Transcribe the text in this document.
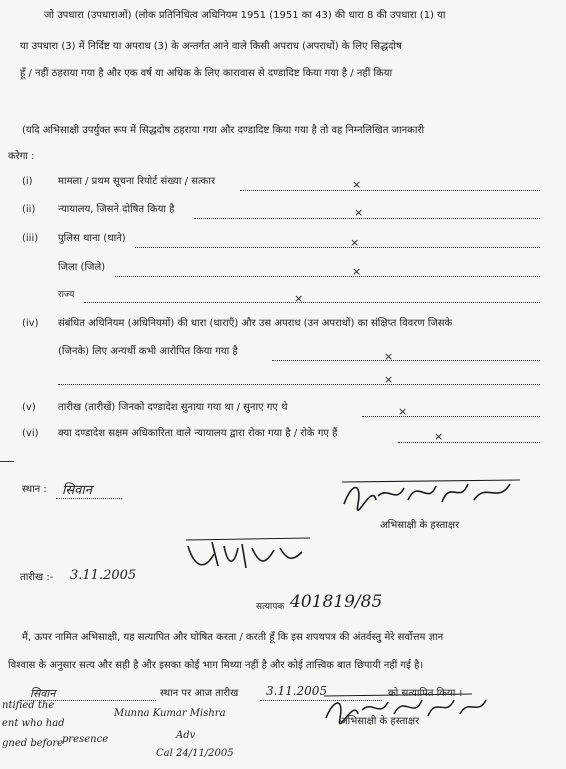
जो उपधारा (उपधाराओं) (लोक प्रतिनिधित्व अधिनियम 1951 (1951 का 43) की धारा 8 की उपधारा (1) या
या उपधारा (3) में निर्दिष्ट या अपराध (3) के अन्तर्गत आने वाले किसी अपराध (अपराधों) के लिए सिद्धदोष
हूँ / नहीं ठहराया गया है और एक वर्ष या अधिक के लिए कारावास से दण्डादिष्ट किया गया है / नहीं किया
(यदि अभिसाक्षी उपर्युक्त रूप में सिद्धदोष ठहराया गया और दण्डादिष्ट किया गया है तो वह निम्नलिखित जानकारी
करेगा :
(i)	मामला / प्रथम सूचना रिपोर्ट संख्या / सत्कार	×
(ii) न्यायालय, जिसने दोषित किया है	×
(iii) पुलिस थाना (थाने)	×
जिला (जिले)	×
राज्य	×
(iv) संबंधित अधिनियम (अधिनियमों) की धारा (धाराएँ) और उस अपराध (उन अपराधों) का संक्षिप्त विवरण जिसके
(जिनके) लिए अन्यर्थी कभी आरोपित किया गया है	×
×
(v) तारीख (तारीखें) जिनको दण्डादेश सुनाया गया था / सुनाए गए थे	×
(vi) क्या दण्डादेश सक्षम अधिकारिता वाले न्यायालय द्वारा रोका गया है / रोके गए हैं	×
स्थान : सिवान
अभिसाक्षी के हस्ताक्षर
तारीख :- 3.11.2005
सत्यापक 401819/85
मैं, ऊपर नामित अभिसाक्षी, यह सत्यापित और घोषित करता / करती हूँ कि इस शपथपत्र की अंतर्वस्तु मेरे सर्वोत्तम ज्ञान
विश्वास के अनुसार सत्य और सही है और इसका कोई भाग मिथ्या नहीं है और कोई तात्त्विक बात छिपायी नहीं गई है।
सिवान	स्थान पर आज तारीख 3.11.2005	को सत्यापित किया ।
ntified the
ent who had
gned before
presence
Munna Kumar Mishra
Adv
Cal 24/11/2005
अभिसाक्षी के हस्ताक्षर
